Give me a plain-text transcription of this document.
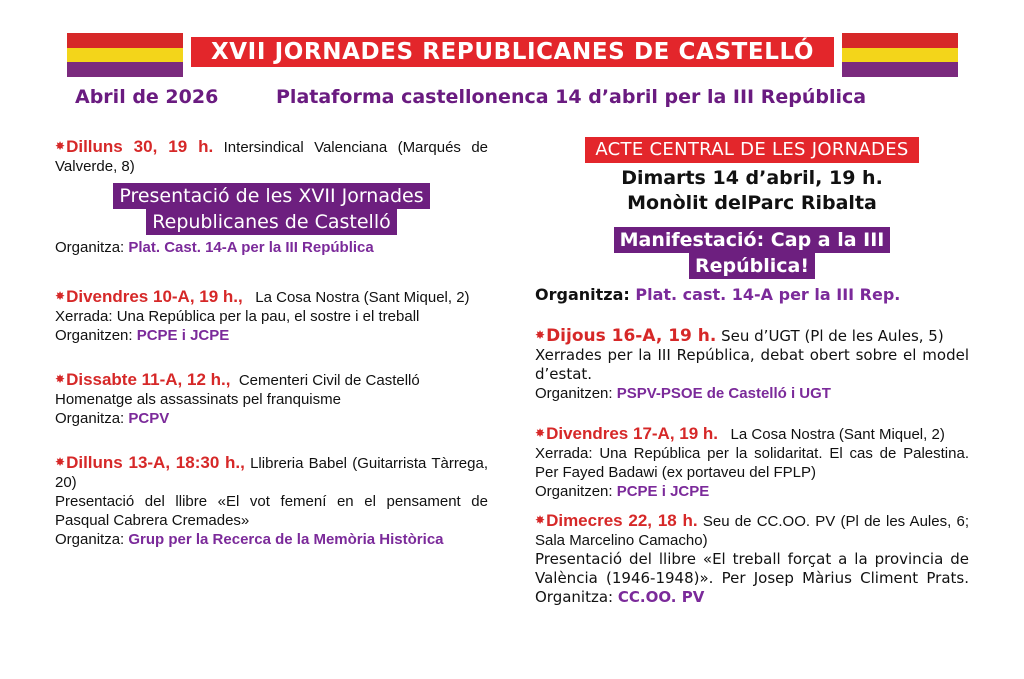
XVII JORNADES REPUBLICANES DE CASTELLÓ
Abril de 2026	Plataforma castellonenca 14 d’abril per la III República
✸Dilluns 30, 19 h. Intersindical Valenciana (Marqués de Valverde, 8)
Presentació de les XVII Jornades
Republicanes de Castelló
Organitza: Plat. Cast. 14-A per la III República
✸Divendres 10-A, 19 h., La Cosa Nostra (Sant Miquel, 2)
Xerrada: Una República per la pau, el sostre i el treball
Organitzen: PCPE i JCPE
✸Dissabte 11-A, 12 h., Cementeri Civil de Castelló
Homenatge als assassinats pel franquisme
Organitza: PCPV
✸Dilluns 13-A, 18:30 h., Llibreria Babel (Guitarrista Tàrrega, 20)
Presentació del llibre «El vot femení en el pensament de Pasqual Cabrera Cremades»
Organitza: Grup per la Recerca de la Memòria Històrica
ACTE CENTRAL DE LES JORNADES
Dimarts 14 d’abril, 19 h.
Monòlit delParc Ribalta
Manifestació: Cap a la III
República!
Organitza: Plat. cast. 14-A per la III Rep.
✸Dijous 16-A, 19 h. Seu d’UGT (Pl de les Aules, 5)
Xerrades per la III República, debat obert sobre el model d’estat.
Organitzen: PSPV-PSOE de Castelló i UGT
✸Divendres 17-A, 19 h. La Cosa Nostra (Sant Miquel, 2)
Xerrada: Una República per la solidaritat. El cas de Palestina. Per Fayed Badawi (ex portaveu del FPLP)
Organitzen: PCPE i JCPE
✸Dimecres 22, 18 h. Seu de CC.OO. PV (Pl de les Aules, 6; Sala Marcelino Camacho)
Presentació del llibre «El treball forçat a la provincia de València (1946-1948)». Per Josep Màrius Climent Prats. Organitza: CC.OO. PV
